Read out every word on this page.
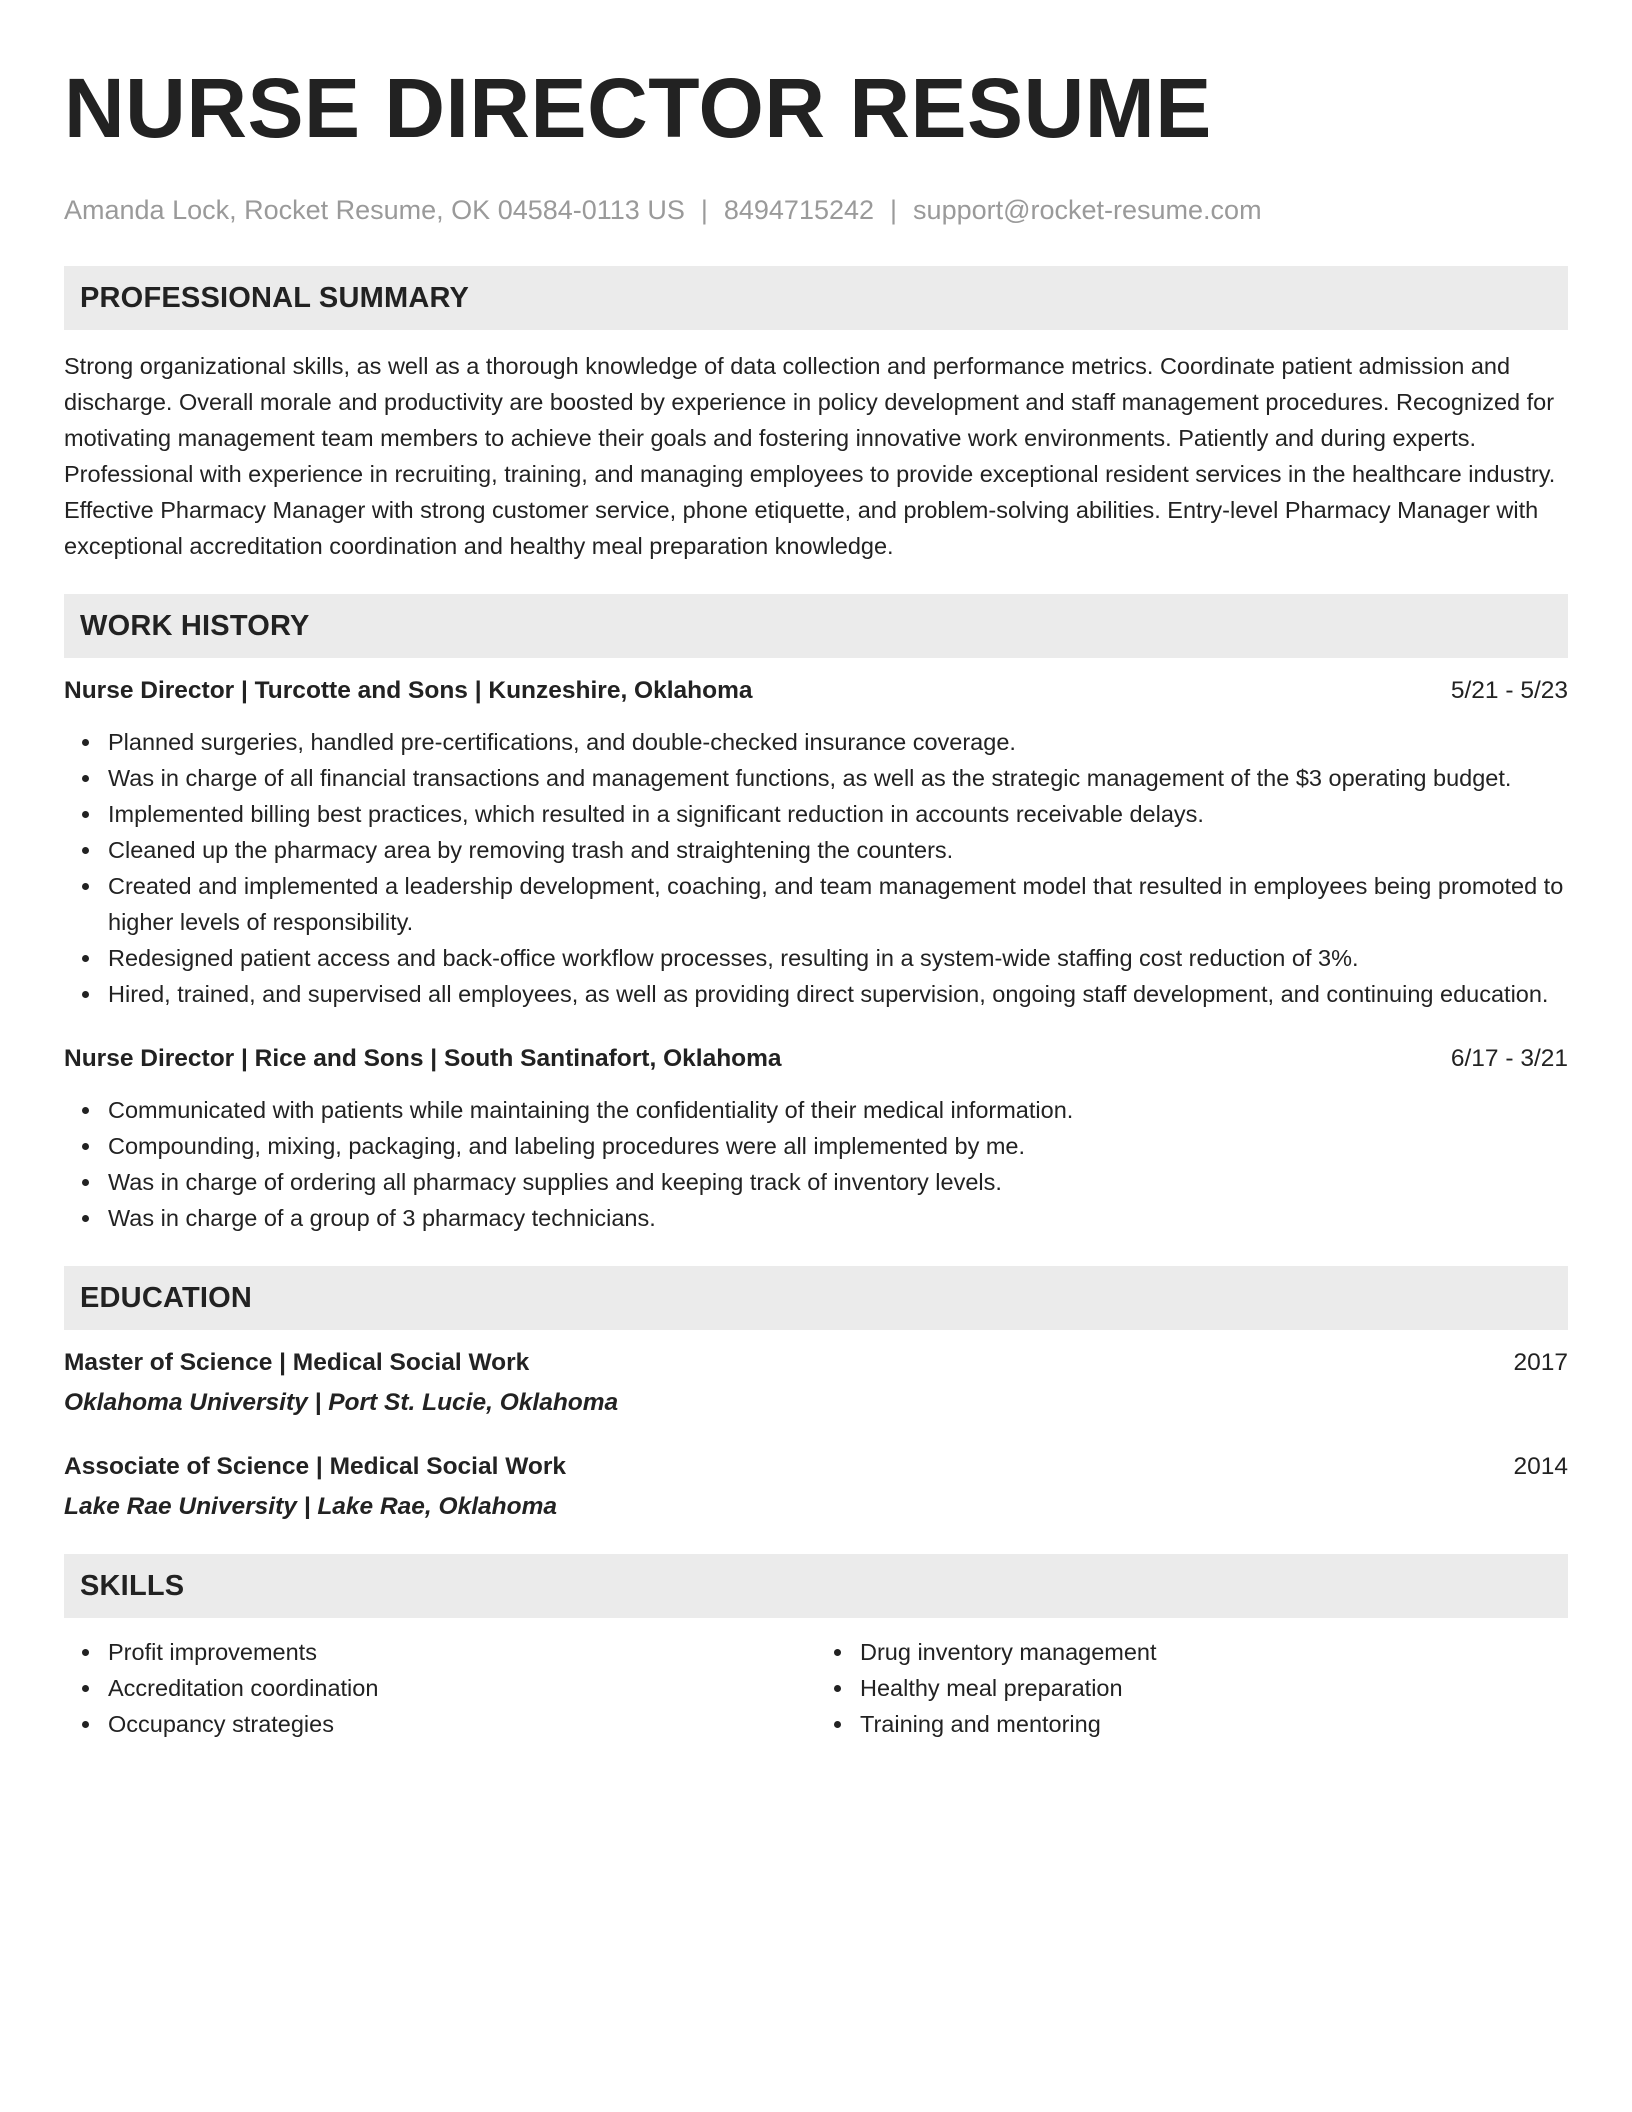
NURSE DIRECTOR RESUME
Amanda Lock, Rocket Resume, OK 04584-0113 US | 8494715242 | support@rocket-resume.com
PROFESSIONAL SUMMARY

Strong organizational skills, as well as a thorough knowledge of data collection and performance metrics. Coordinate patient admission and discharge. Overall morale and productivity are boosted by experience in policy development and staff management procedures. Recognized for motivating management team members to achieve their goals and fostering innovative work environments. Patiently and during experts. Professional with experience in recruiting, training, and managing employees to provide exceptional resident services in the healthcare industry. Effective Pharmacy Manager with strong customer service, phone etiquette, and problem-solving abilities. Entry-level Pharmacy Manager with exceptional accreditation coordination and healthy meal preparation knowledge.

WORK HISTORY
Nurse Director | Turcotte and Sons | Kunzeshire, Oklahoma	5/21 - 5/23
Planned surgeries, handled pre-certifications, and double-checked insurance coverage.
Was in charge of all financial transactions and management functions, as well as the strategic management of the $3 operating budget.
Implemented billing best practices, which resulted in a significant reduction in accounts receivable delays.
Cleaned up the pharmacy area by removing trash and straightening the counters.
Created and implemented a leadership development, coaching, and team management model that resulted in employees being promoted to higher levels of responsibility.
Redesigned patient access and back-office workflow processes, resulting in a system-wide staffing cost reduction of 3%.
Hired, trained, and supervised all employees, as well as providing direct supervision, ongoing staff development, and continuing education.
Nurse Director | Rice and Sons | South Santinafort, Oklahoma	6/17 - 3/21
Communicated with patients while maintaining the confidentiality of their medical information.
Compounding, mixing, packaging, and labeling procedures were all implemented by me.
Was in charge of ordering all pharmacy supplies and keeping track of inventory levels.
Was in charge of a group of 3 pharmacy technicians.
EDUCATION
Master of Science | Medical Social Work	2017
Oklahoma University | Port St. Lucie, Oklahoma
Associate of Science | Medical Social Work	2014
Lake Rae University | Lake Rae, Oklahoma
SKILLS
Profit improvements
Accreditation coordination
Occupancy strategies
Drug inventory management
Healthy meal preparation
Training and mentoring
